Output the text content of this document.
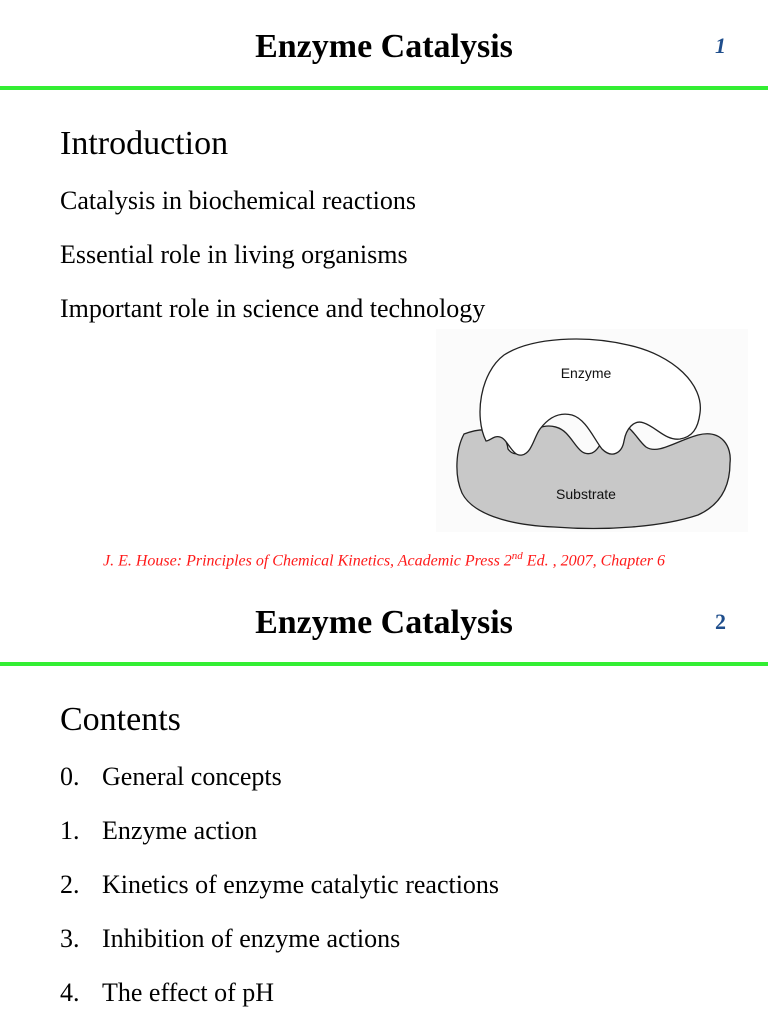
Enzyme Catalysis	1
Introduction
Catalysis in biochemical reactions
Essential role in living organisms
Important role in science and technology
Enzyme
Substrate

J. E. House: Principles of Chemical Kinetics, Academic Press 2nd Ed. , 2007, Chapter 6

Enzyme Catalysis	2
Contents
0. General concepts
1. Enzyme action
2. Kinetics of enzyme catalytic reactions
3. Inhibition of enzyme actions
4. The effect of pH
